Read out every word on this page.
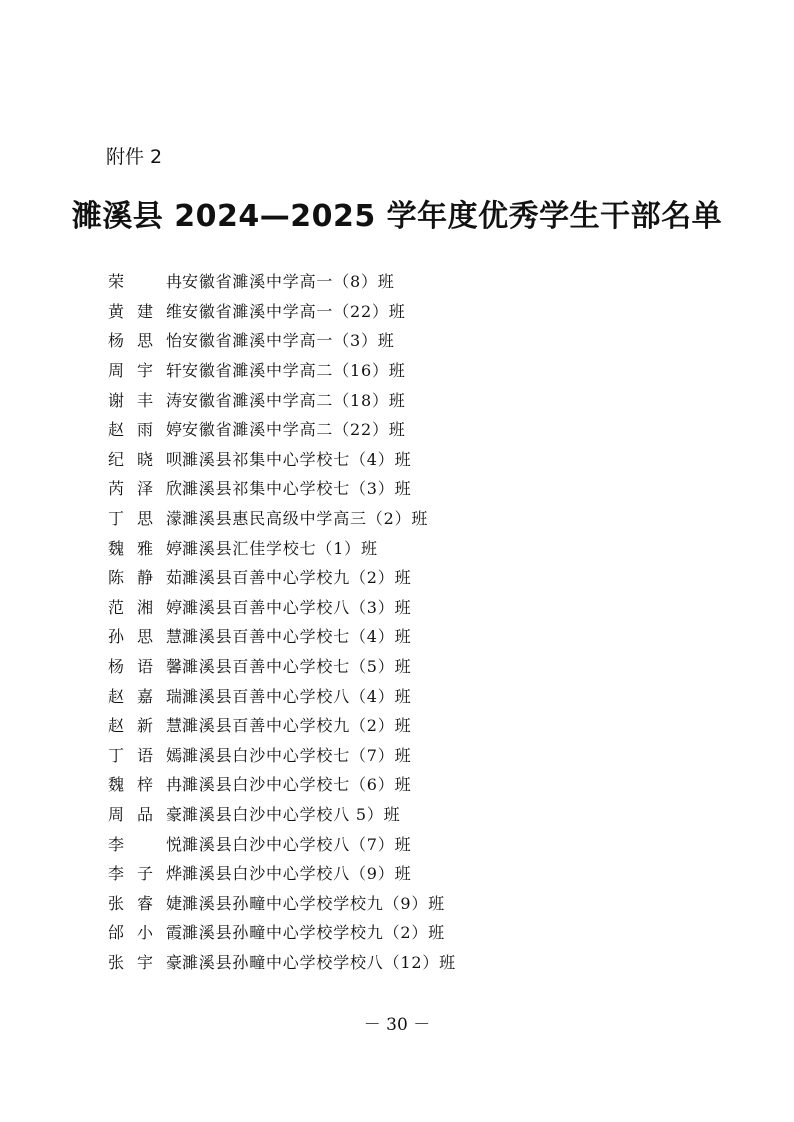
附件 2
濉溪县 2024—2025 学年度优秀学生干部名单
荣　冉 安徽省濉溪中学高一（8）班
黄建维 安徽省濉溪中学高一（22）班
杨思怡 安徽省濉溪中学高一（3）班
周宇轩 安徽省濉溪中学高二（16）班
谢丰涛 安徽省濉溪中学高二（18）班
赵雨婷 安徽省濉溪中学高二（22）班
纪晓呗 濉溪县祁集中心学校七（4）班
芮泽欣 濉溪县祁集中心学校七（3）班
丁思濛 濉溪县惠民高级中学高三（2）班
魏雅婷 濉溪县汇佳学校七（1）班
陈静茹 濉溪县百善中心学校九（2）班
范湘婷 濉溪县百善中心学校八（3）班
孙思慧 濉溪县百善中心学校七（4）班
杨语馨 濉溪县百善中心学校七（5）班
赵嘉瑞 濉溪县百善中心学校八（4）班
赵新慧 濉溪县百善中心学校九（2）班
丁语嫣 濉溪县白沙中心学校七（7）班
魏梓冉 濉溪县白沙中心学校七（6）班
周品豪 濉溪县白沙中心学校八 5）班
李　悦 濉溪县白沙中心学校八（7）班
李子烨 濉溪县白沙中心学校八（9）班
张睿婕 濉溪县孙疃中心学校学校九（9）班
邰小霞 濉溪县孙疃中心学校学校九（2）班
张宇豪 濉溪县孙疃中心学校学校八（12）班
－ 30 －
